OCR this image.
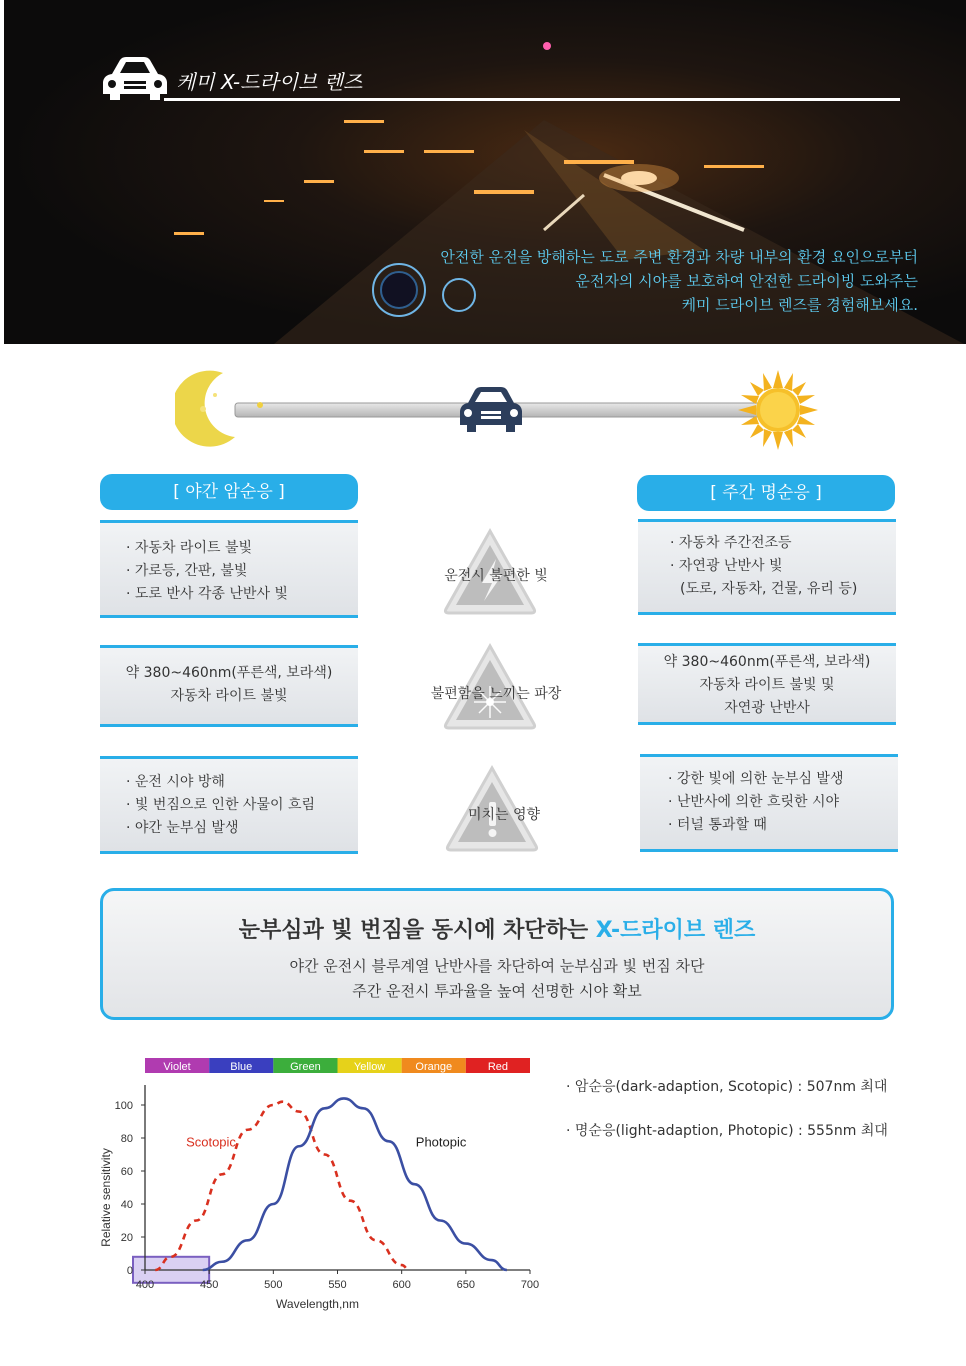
케미 X-드라이브 렌즈
안전한 운전을 방해하는 도로 주변 환경과 차량 내부의 환경 요인으로부터
운전자의 시야를 보호하여 안전한 드라이빙 도와주는
케미 드라이브 렌즈를 경험해보세요.
[ 야간 암순응 ]
· 자동차 라이트 불빛
· 가로등, 간판, 불빛
· 도로 반사 각종 난반사 빛
약 380~460nm(푸른색, 보라색)
자동차 라이트 불빛
· 운전 시야 방해
· 빛 번짐으로 인한 사물이 흐림
· 야간 눈부심 발생
[ 주간 명순응 ]
· 자동차 주간전조등
· 자연광 난반사 빛
(도로, 자동차, 건물, 유리 등)
약 380~460nm(푸른색, 보라색)
자동차 라이트 불빛 및
자연광 난반사
· 강한 빛에 의한 눈부심 발생
· 난반사에 의한 흐릿한 시야
· 터널 통과할 때
운전시 불편한 빛
불편함을 느끼는 파장
미치는 영향
눈부심과 빛 번짐을 동시에 차단하는 X-드라이브 렌즈
야간 운전시 블루계열 난반사를 차단하여 눈부심과 빛 번짐 차단
주간 운전시 투과율을 높여 선명한 시야 확보
Violet	Blue	Green	Yellow	Orange	Red
0
20
40
60
80
100
400	450	500	550	600	650	700
Wavelength,nm
Relative sensitivity
Scotopic	Photopic
· 암순응(dark-adaption, Scotopic) : 507nm 최대
· 명순응(light-adaption, Photopic) : 555nm 최대
